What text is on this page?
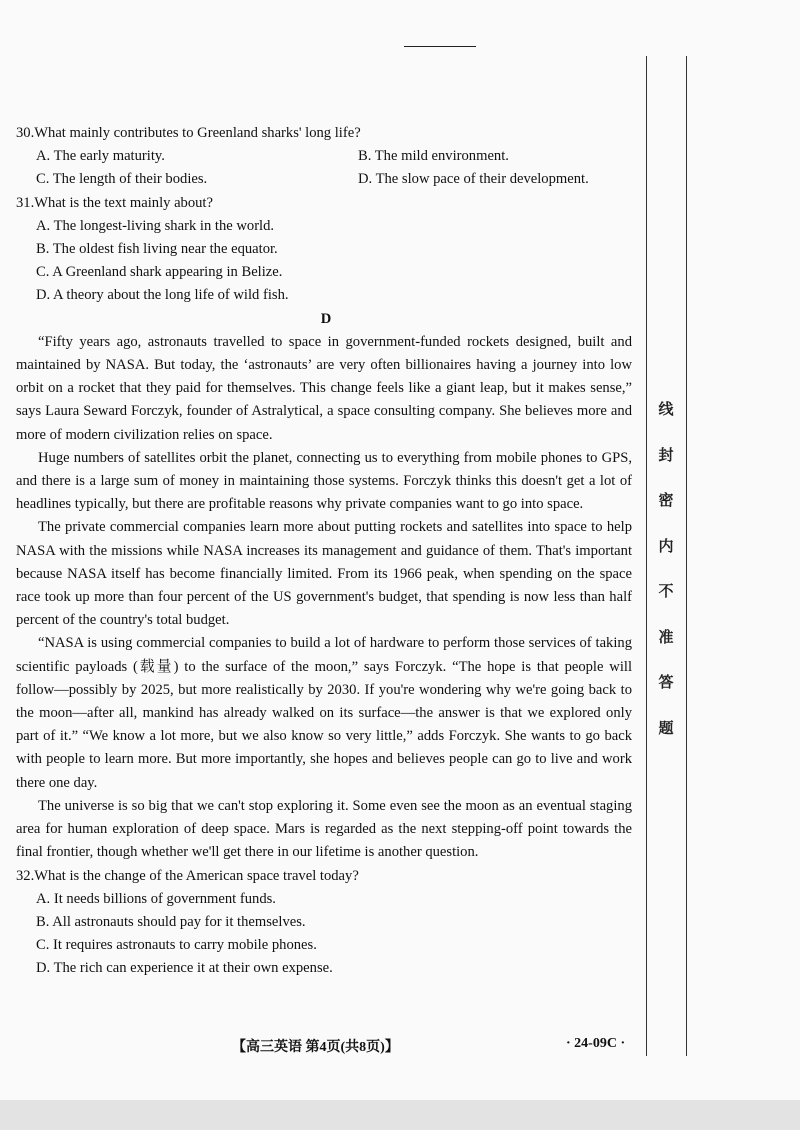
30.What mainly contributes to Greenland sharks' long life?

A. The early maturity.	B. The mild environment.

C. The length of their bodies.	D. The slow pace of their development.

31.What is the text mainly about?

A. The longest-living shark in the world.

B. The oldest fish living near the equator.

C. A Greenland shark appearing in Belize.

D. A theory about the long life of wild fish.

D

“Fifty years ago, astronauts travelled to space in government-funded rockets designed, built and maintained by NASA. But today, the ‘astronauts’ are very often billionaires having a journey into low orbit on a rocket that they paid for themselves. This change feels like a giant leap, but it makes sense,” says Laura Seward Forczyk, founder of Astralytical, a space consulting company. She believes more and more of modern civilization relies on space.

Huge numbers of satellites orbit the planet, connecting us to everything from mobile phones to GPS, and there is a large sum of money in maintaining those systems. Forczyk thinks this doesn't get a lot of headlines typically, but there are profitable reasons why private companies want to go into space.

The private commercial companies learn more about putting rockets and satellites into space to help NASA with the missions while NASA increases its management and guidance of them. That's important because NASA itself has become financially limited. From its 1966 peak, when spending on the space race took up more than four percent of the US government's budget, that spending is now less than half percent of the country's total budget.

“NASA is using commercial companies to build a lot of hardware to perform those services of taking scientific payloads (载量) to the surface of the moon,” says Forczyk. “The hope is that people will follow—possibly by 2025, but more realistically by 2030. If you're wondering why we're going back to the moon—after all, mankind has already walked on its surface—the answer is that we explored only part of it.” “We know a lot more, but we also know so very little,” adds Forczyk. She wants to go back with people to learn more. But more importantly, she hopes and believes people can go to live and work there one day.

The universe is so big that we can't stop exploring it. Some even see the moon as an eventual staging area for human exploration of deep space. Mars is regarded as the next stepping-off point towards the final frontier, though whether we'll get there in our lifetime is another question.

32.What is the change of the American space travel today?

A. It needs billions of government funds.

B. All astronauts should pay for it themselves.

C. It requires astronauts to carry mobile phones.

D. The rich can experience it at their own expense.

线
封
密
内
不
准
答
题
【高三英语 第4页(共8页)】	· 24-09C ·
